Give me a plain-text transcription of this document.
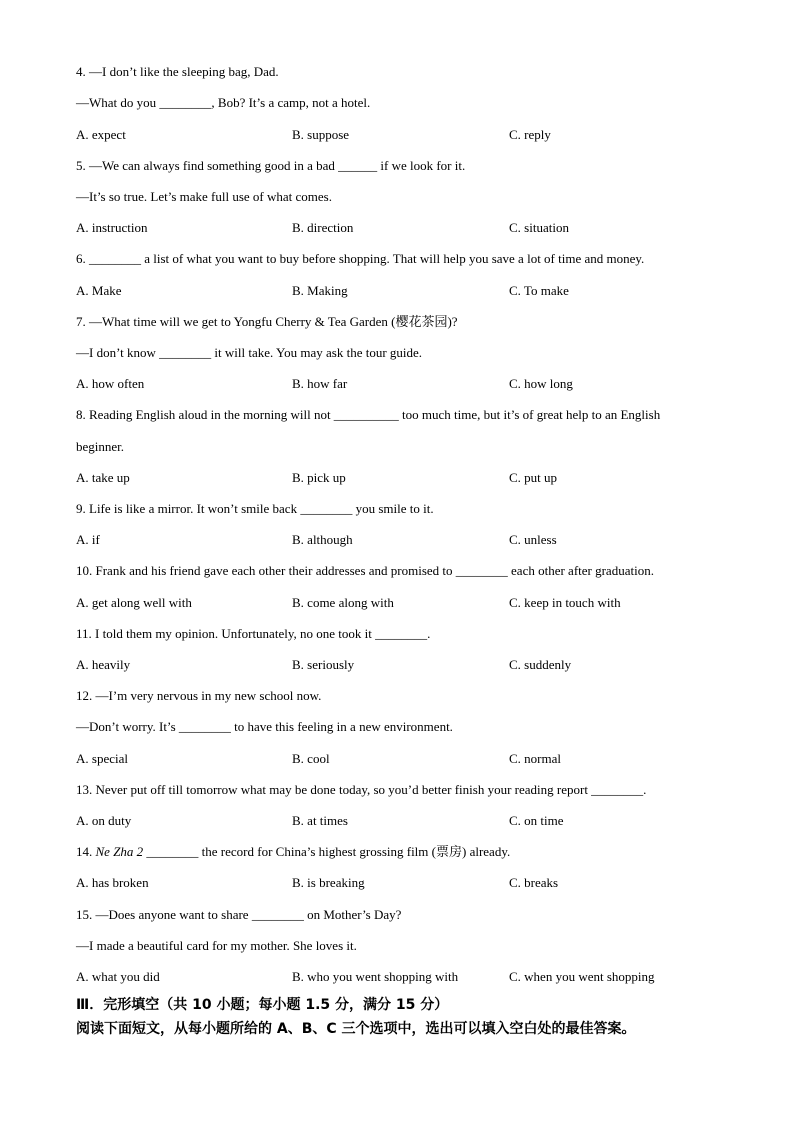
4. —I don’t like the sleeping bag, Dad.
—What do you ________, Bob? It’s a camp, not a hotel.
A. expect	B. suppose	C. reply
5. —We can always find something good in a bad ______ if we look for it.
—It’s so true. Let’s make full use of what comes.
A. instruction	B. direction	C. situation
6. ________ a list of what you want to buy before shopping. That will help you save a lot of time and money.
A. Make	B. Making	C. To make
7. —What time will we get to Yongfu Cherry & Tea Garden (樱花茶园)?
—I don’t know ________ it will take. You may ask the tour guide.
A. how often	B. how far	C. how long
8. Reading English aloud in the morning will not __________ too much time, but it’s of great help to an English
beginner.
A. take up	B. pick up	C. put up
9. Life is like a mirror. It won’t smile back ________ you smile to it.
A. if	B. although	C. unless
10. Frank and his friend gave each other their addresses and promised to ________ each other after graduation.
A. get along well with	B. come along with	C. keep in touch with
11. I told them my opinion. Unfortunately, no one took it ________.
A. heavily	B. seriously	C. suddenly
12. —I’m very nervous in my new school now.
—Don’t worry. It’s ________ to have this feeling in a new environment.
A. special	B. cool	C. normal
13. Never put off till tomorrow what may be done today, so you’d better finish your reading report ________.
A. on duty	B. at times	C. on time
14. Ne Zha 2 ________ the record for China’s highest grossing film (票房) already.
A. has broken	B. is breaking	C. breaks
15. —Does anyone want to share ________ on Mother’s Day?
—I made a beautiful card for my mother. She loves it.
A. what you did	B. who you went shopping with	C. when you went shopping
Ⅲ．完形填空（共 10 小题；每小题 1.5 分，满分 15 分）
阅读下面短文，从每小题所给的 A、B、C 三个选项中，选出可以填入空白处的最佳答案。
